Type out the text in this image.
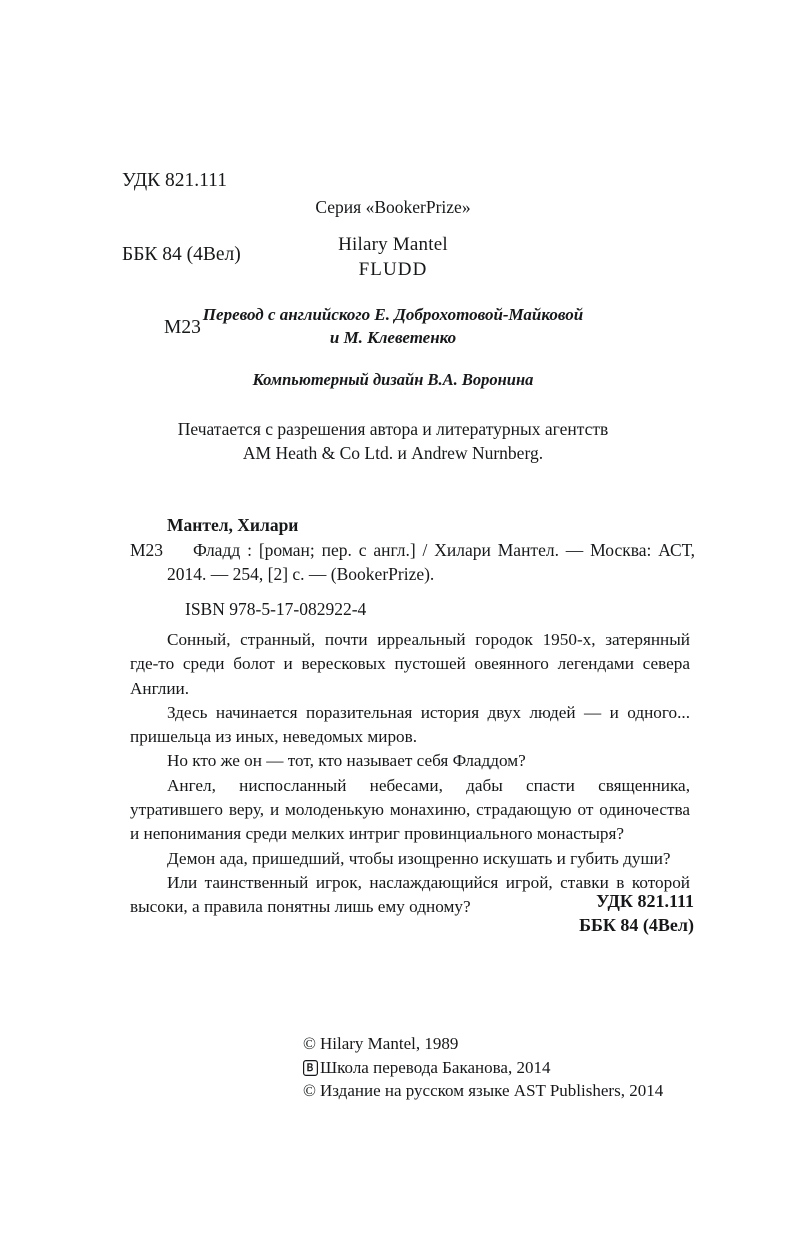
УДК 821.111

ББК 84 (4Вел)

М23

Серия «BookerPrize»
Hilary Mantel
FLUDD
Перевод с английского Е. Доброхотовой-Майковой
и М. Клеветенко
Компьютерный дизайн В.А. Воронина
Печатается с разрешения автора и литературных агентств
AM Heath & Co Ltd. и Andrew Nurnberg.
Мантел, Хилари
М23 Фладд : [роман; пер. с англ.] / Хилари Мантел. — Москва: АСТ, 2014. — 254, [2] с. — (BookerPrize).
ISBN 978-5-17-082922-4

Сонный, странный, почти ирреальный городок 1950-х, затерянный где-то среди болот и вересковых пустошей овеянного легендами севера Англии.

Здесь начинается поразительная история двух людей — и одного... пришельца из иных, неведомых миров.

Но кто же он — тот, кто называет себя Фладдом?

Ангел, ниспосланный небесами, дабы спасти священника, утратившего веру, и молоденькую монахиню, страдающую от одиночества и непонимания среди мелких интриг провинциального монастыря?

Демон ада, пришедший, чтобы изощренно искушать и губить души?

Или таинственный игрок, наслаждающийся игрой, ставки в которой высоки, а правила понятны лишь ему одному?	УДК 821.111
ББК 84 (4Вел)
© Hilary Mantel, 1989
Школа перевода Баканова, 2014
© Издание на русском языке AST Publishers, 2014
